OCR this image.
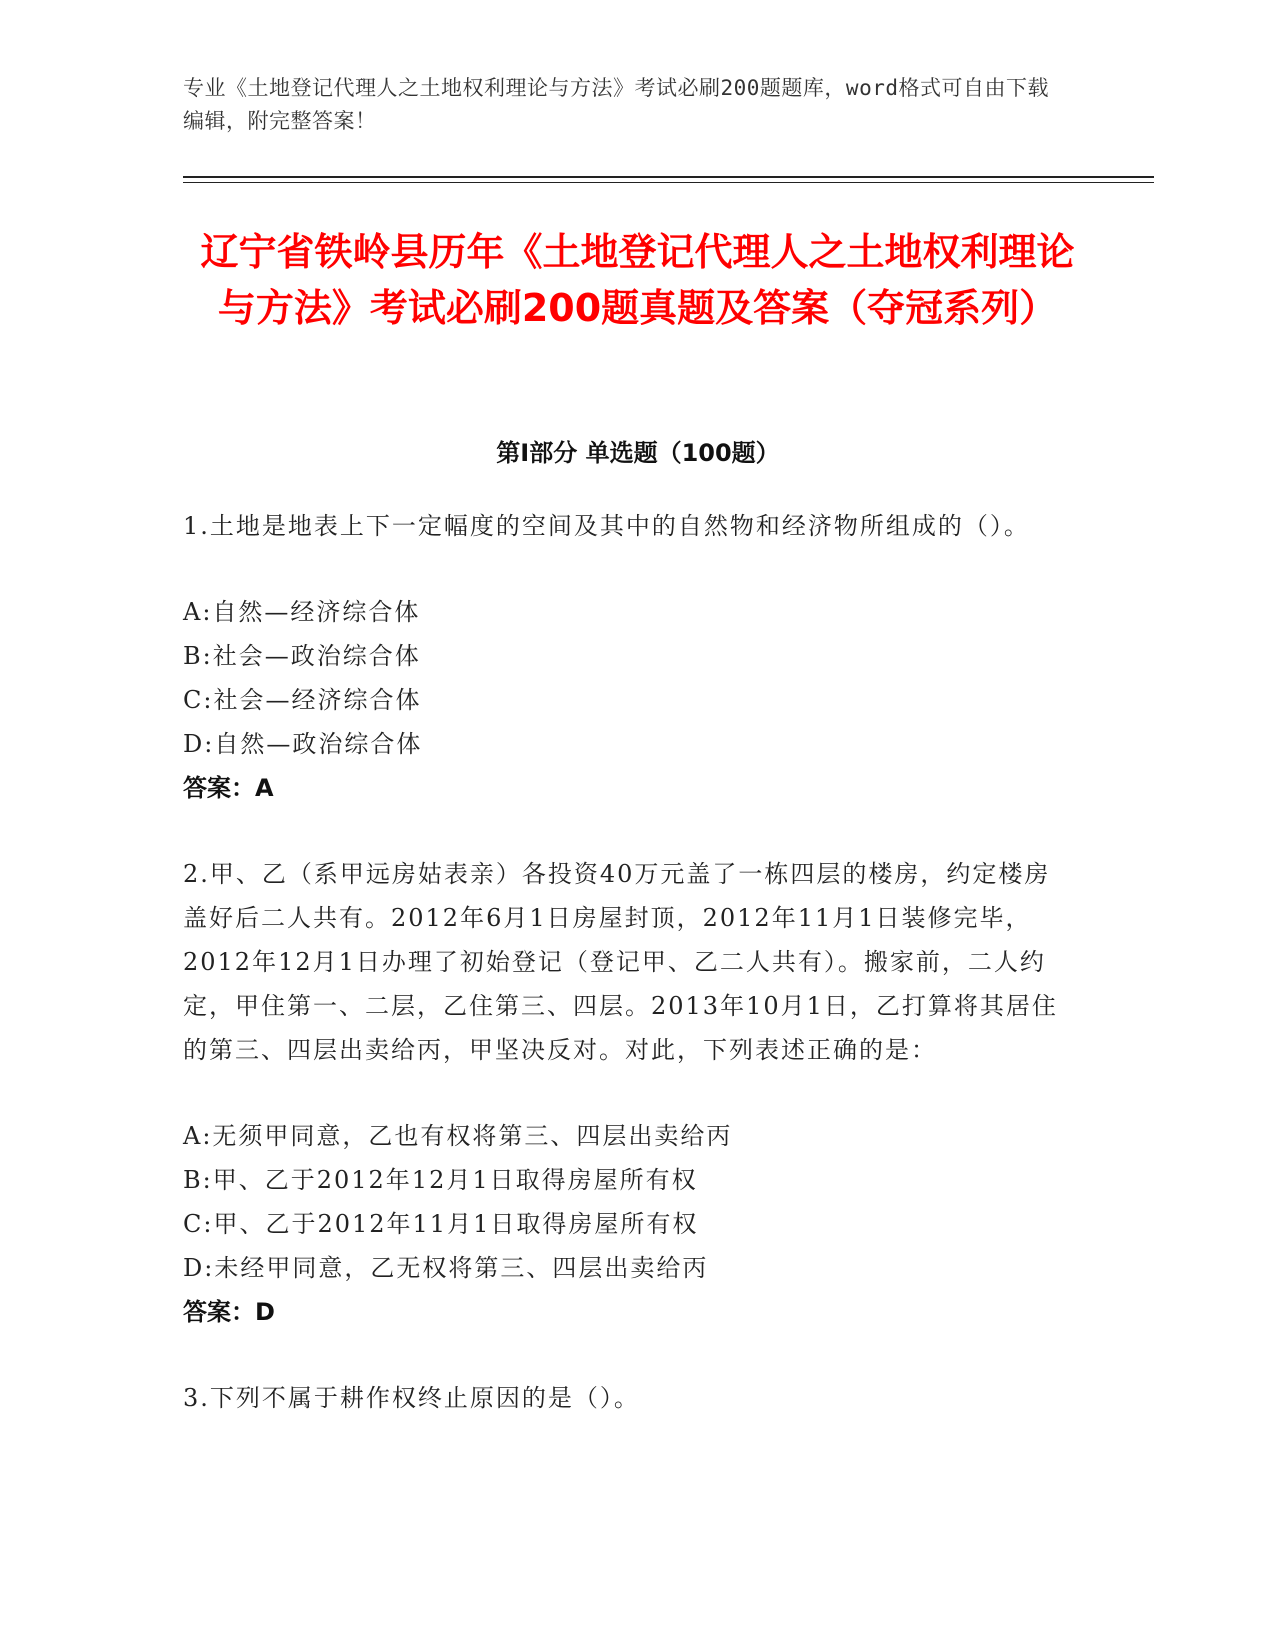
专业《土地登记代理人之土地权利理论与方法》考试必刷200题题库，word格式可自由下载编辑，附完整答案！
辽宁省铁岭县历年《土地登记代理人之土地权利理论与方法》考试必刷200题真题及答案（夺冠系列）
第Ⅰ部分 单选题（100题）
1.土地是地表上下一定幅度的空间及其中的自然物和经济物所组成的（）。
A:自然—经济综合体
B:社会—政治综合体
C:社会—经济综合体
D:自然—政治综合体
答案：A
2.甲、乙（系甲远房姑表亲）各投资40万元盖了一栋四层的楼房，约定楼房盖好后二人共有。2012年6月1日房屋封顶，2012年11月1日装修完毕，2012年12月1日办理了初始登记（登记甲、乙二人共有）。搬家前，二人约定，甲住第一、二层，乙住第三、四层。2013年10月1日，乙打算将其居住的第三、四层出卖给丙，甲坚决反对。对此，下列表述正确的是：
A:无须甲同意，乙也有权将第三、四层出卖给丙
B:甲、乙于2012年12月1日取得房屋所有权
C:甲、乙于2012年11月1日取得房屋所有权
D:未经甲同意，乙无权将第三、四层出卖给丙
答案：D
3.下列不属于耕作权终止原因的是（）。
